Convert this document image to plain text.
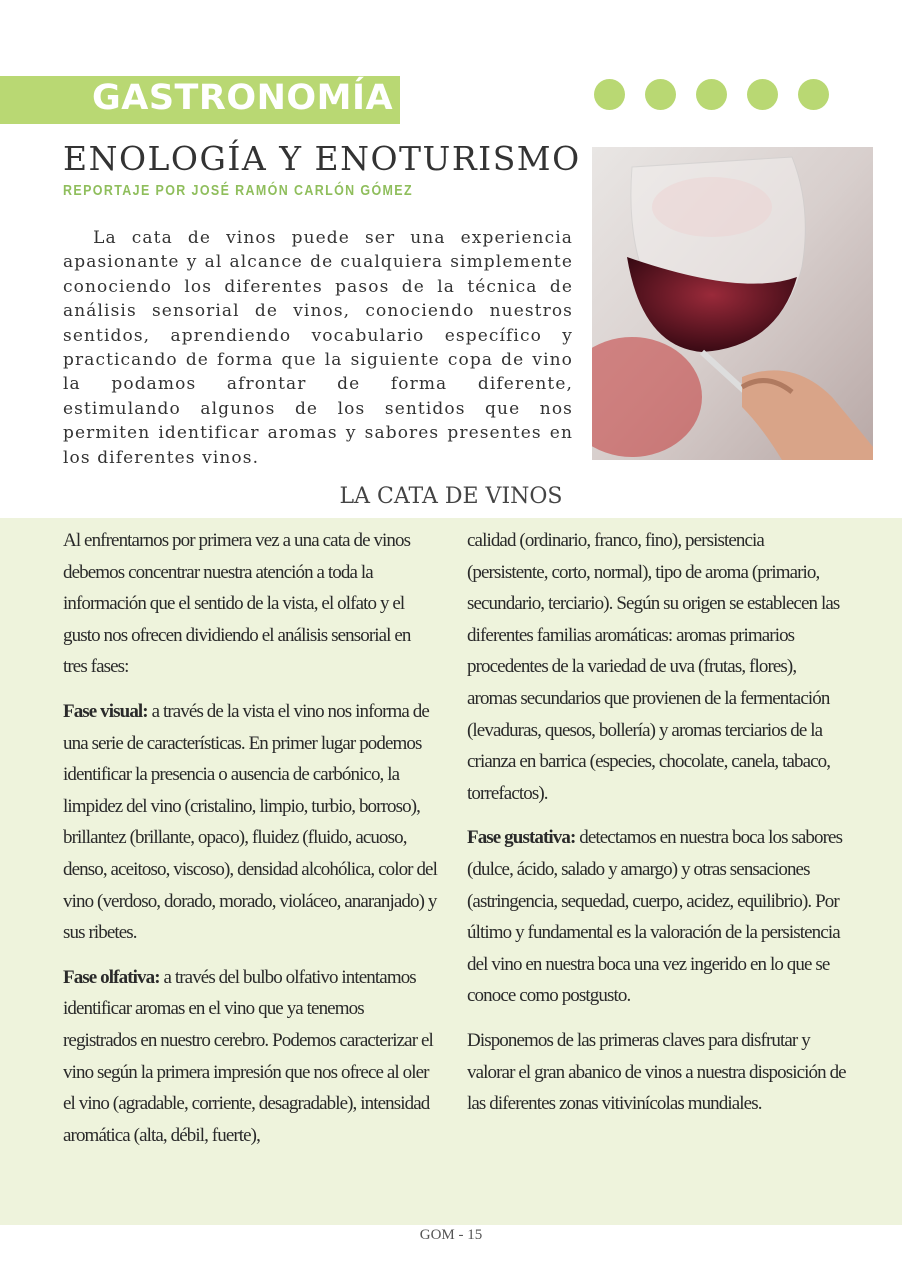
GASTRONOMÍA
ENOLOGÍA Y ENOTURISMO
REPORTAJE POR JOSÉ RAMÓN CARLÓN GÓMEZ

La cata de vinos puede ser una experiencia apasionante y al alcance de cualquiera simplemente conociendo los diferentes pasos de la técnica de análisis sensorial de vinos, conociendo nuestros sentidos, aprendiendo vocabulario específico y practicando de forma que la siguiente copa de vino la podamos afrontar de forma diferente, estimulando algunos de los sentidos que nos permiten identificar aromas y sabores presentes en los diferentes vinos.

LA CATA DE VINOS

Al enfrentarnos por primera vez a una cata de vinos debemos concentrar nuestra atención a toda la información que el sentido de la vista, el olfato y el gusto nos ofrecen dividiendo el análisis sensorial en tres fases:

Fase visual: a través de la vista el vino nos informa de una serie de características. En primer lugar podemos identificar la presencia o ausencia de carbónico, la limpidez del vino (cristalino, limpio, turbio, borroso), brillantez (brillante, opaco), fluidez (fluido, acuoso, denso, aceitoso, viscoso), densidad alcohólica, color del vino (verdoso, dorado, morado, violáceo, anaranjado) y sus ribetes.

Fase olfativa: a través del bulbo olfativo intentamos identificar aromas en el vino que ya tenemos registrados en nuestro cerebro. Podemos caracterizar el vino según la primera impresión que nos ofrece al oler el vino (agradable, corriente, desagradable), intensidad aromática (alta, débil, fuerte),

calidad (ordinario, franco, fino), persistencia (persistente, corto, normal), tipo de aroma (primario, secundario, terciario). Según su origen se establecen las diferentes familias aromáticas: aromas primarios procedentes de la variedad de uva (frutas, flores), aromas secundarios que provienen de la fermentación (levaduras, quesos, bollería) y aromas terciarios de la crianza en barrica (especies, chocolate, canela, tabaco, torrefactos).

Fase gustativa: detectamos en nuestra boca los sabores (dulce, ácido, salado y amargo) y otras sensaciones (astringencia, sequedad, cuerpo, acidez, equilibrio). Por último y fundamental es la valoración de la persistencia del vino en nuestra boca una vez ingerido en lo que se conoce como postgusto.

Disponemos de las primeras claves para disfrutar y valorar el gran abanico de vinos a nuestra disposición de las diferentes zonas vitivinícolas mundiales.

GOM - 15
